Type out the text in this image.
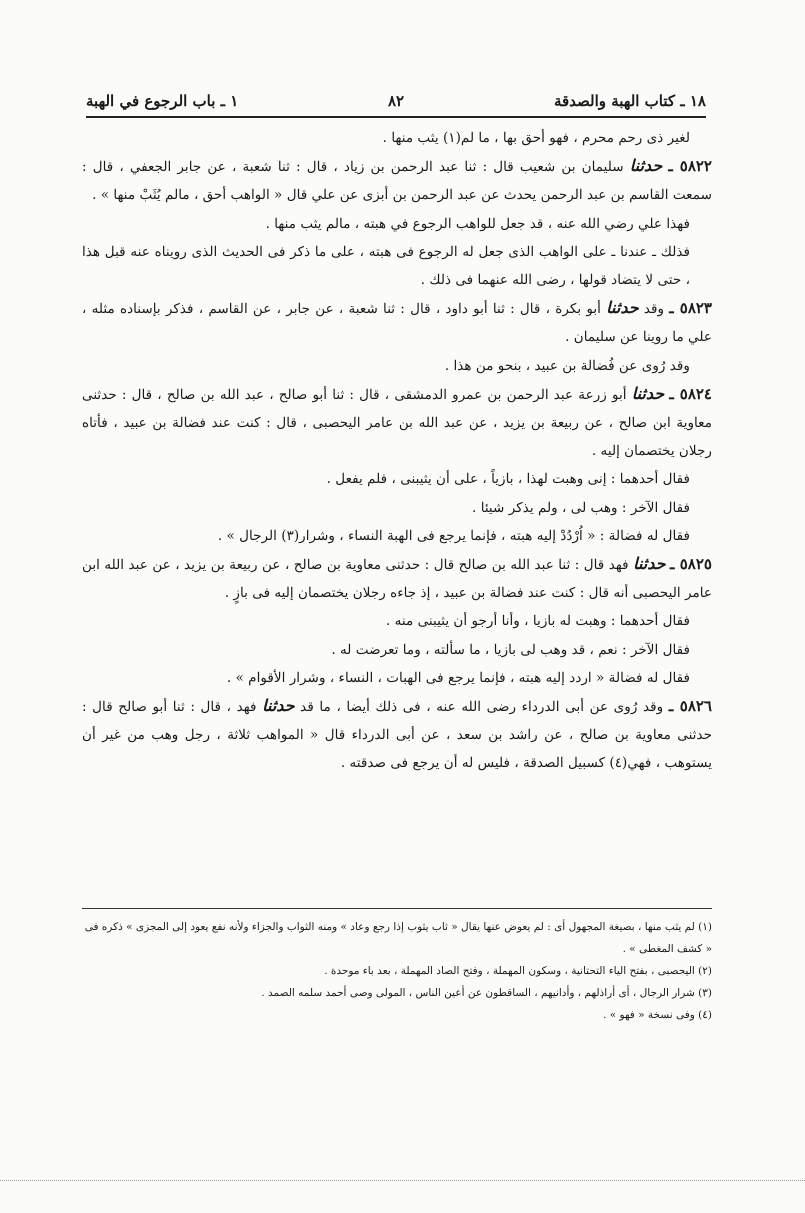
١٨ ـ كتاب الهبة والصدقة
٨٢
١ ـ باب الرجوع في الهبة

لغير ذى رحم محرم ، فهو أحق بها ، ما لم(١) يثب منها .

٥٨٢٢ ـ حدثنا سليمان بن شعيب قال : ثنا عبد الرحمن بن زياد ، قال : ثنا شعبة ، عن جابر الجعفي ، قال : سمعت القاسم بن عبد الرحمن يحدث عن عبد الرحمن بن أبزى عن علي قال « الواهب أحق ، مالم يُثَبْ منها » .

فهذا علي رضي الله عنه ، قد جعل للواهب الرجوع في هبته ، مالم يثب منها .

فذلك ـ عندنا ـ على الواهب الذى جعل له الرجوع فى هبته ، على ما ذكر فى الحديث الذى رويناه عنه قبل هذا ، حتى لا يتضاد قولها ، رضى الله عنهما فى ذلك .

٥٨٢٣ ـ وقد حدثنا أبو بكرة ، قال : ثنا أبو داود ، قال : ثنا شعبة ، عن جابر ، عن القاسم ، فذكر بإسناده مثله ، علي ما روينا عن سليمان .

وقد رُوى عن فُضالة بن عبيد ، بنحو من هذا .

٥٨٢٤ ـ حدثنا أبو زرعة عبد الرحمن بن عمرو الدمشقى ، قال : ثنا أبو صالح ، عبد الله بن صالح ، قال : حدثنى معاوية ابن صالح ، عن ربيعة بن يزيد ، عن عبد الله بن عامر اليحصبى ، قال : كنت عند فضالة بن عبيد ، فأتاه رجلان يختصمان إليه .

فقال أحدهما : إنى وهبت لهذا ، بازياً ، على أن يثيبنى ، فلم يفعل .

فقال الآخر : وهب لى ، ولم يذكر شيئا .

فقال له فضالة : « اُرْدُدْ إليه هبته ، فإنما يرجع فى الهبة النساء ، وشرار(٣) الرجال » .

٥٨٢٥ ـ حدثنا فهد قال : ثنا عبد الله بن صالح قال : حدثنى معاوية بن صالح ، عن ربيعة بن يزيد ، عن عبد الله ابن عامر اليحصبى أنه قال : كنت عند فضالة بن عبيد ، إذ جاءه رجلان يختصمان إليه فى بازٍ .

فقال أحدهما : وهبت له بازيا ، وأنا أرجو أن يثيبنى منه .

فقال الآخر : نعم ، قد وهب لى بازيا ، ما سألته ، وما تعرضت له .

فقال له فضالة « اردد إليه هبته ، فإنما يرجع فى الهبات ، النساء ، وشرار الأقوام » .

٥٨٢٦ ـ وقد رُوى عن أبى الدرداء رضى الله عنه ، فى ذلك أيضا ، ما قد حدثنا فهد ، قال : ثنا أبو صالح قال : حدثنى معاوية بن صالح ، عن راشد بن سعد ، عن أبى الدرداء قال « المواهب ثلاثة ، رجل وهب من غير أن يستوهب ، فهي(٤) كسبيل الصدقة ، فليس له أن يرجع فى صدقته .

(١) لم يثب منها ، بصيغة المجهول أى : لم يعوض عنها يقال « ثاب يثوب إذا رجع وعاد » ومنه الثواب والجزاء ولأنه نفع يعود إلى المجزى » ذكره فى « كشف المغطى » .

(٢) اليحصبى ، بفتح الياء التحتانية ، وسكون المهملة ، وفتح الصاد المهملة ، بعد باء موحدة .

(٣) شرار الرجال ، أى أراذلهم ، وأدانيهم ، الساقطون عن أعين الناس ، المولى وصى أحمد سلمه الصمد .

(٤) وفى نسخة « فهو » .
